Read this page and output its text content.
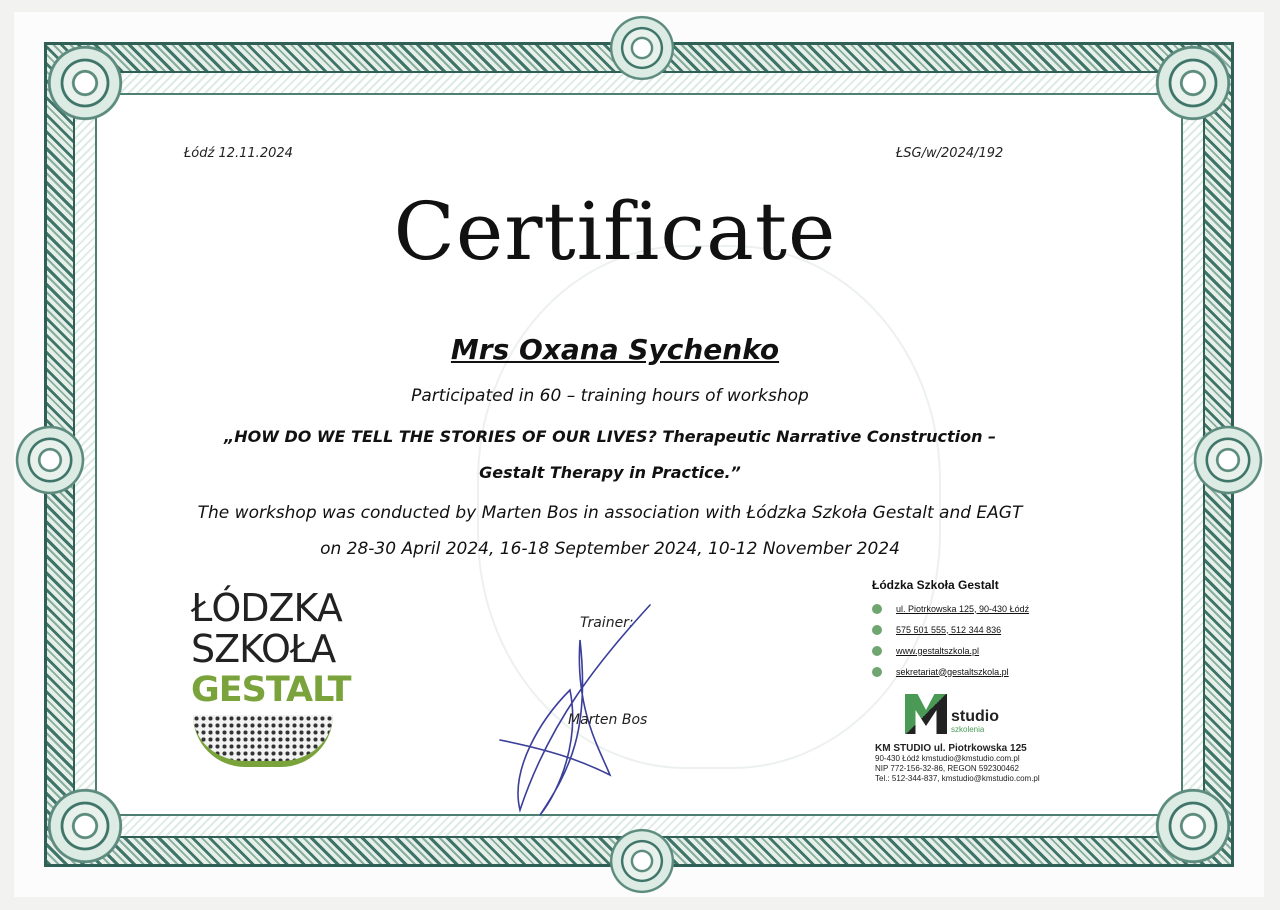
Łódź 12.11.2024	ŁSG/w/2024/192
Certificate
Mrs Oxana Sychenko
Participated in 60 – training hours of workshop
„HOW DO WE TELL THE STORIES OF OUR LIVES? Therapeutic Narrative Construction –
Gestalt Therapy in Practice.”
The workshop was conducted by Marten Bos in association with Łódzka Szkoła Gestalt and EAGT
on 28-30 April 2024, 16-18 September 2024, 10-12 November 2024
ŁÓDZKA
SZKOŁA
GESTALT
Trainer:
Marten Bos
Łódzka Szkoła Gestalt
ul. Piotrkowska 125, 90-430 Łódź
575 501 555, 512 344 836
www.gestaltszkola.pl
sekretariat@gestaltszkola.pl
studio
szkolenia
KM STUDIO ul. Piotrkowska 125
90-430 Łódź kmstudio@kmstudio.com.pl
NIP 772-156-32-86, REGON 592300462
Tel.: 512-344-837, kmstudio@kmstudio.com.pl
